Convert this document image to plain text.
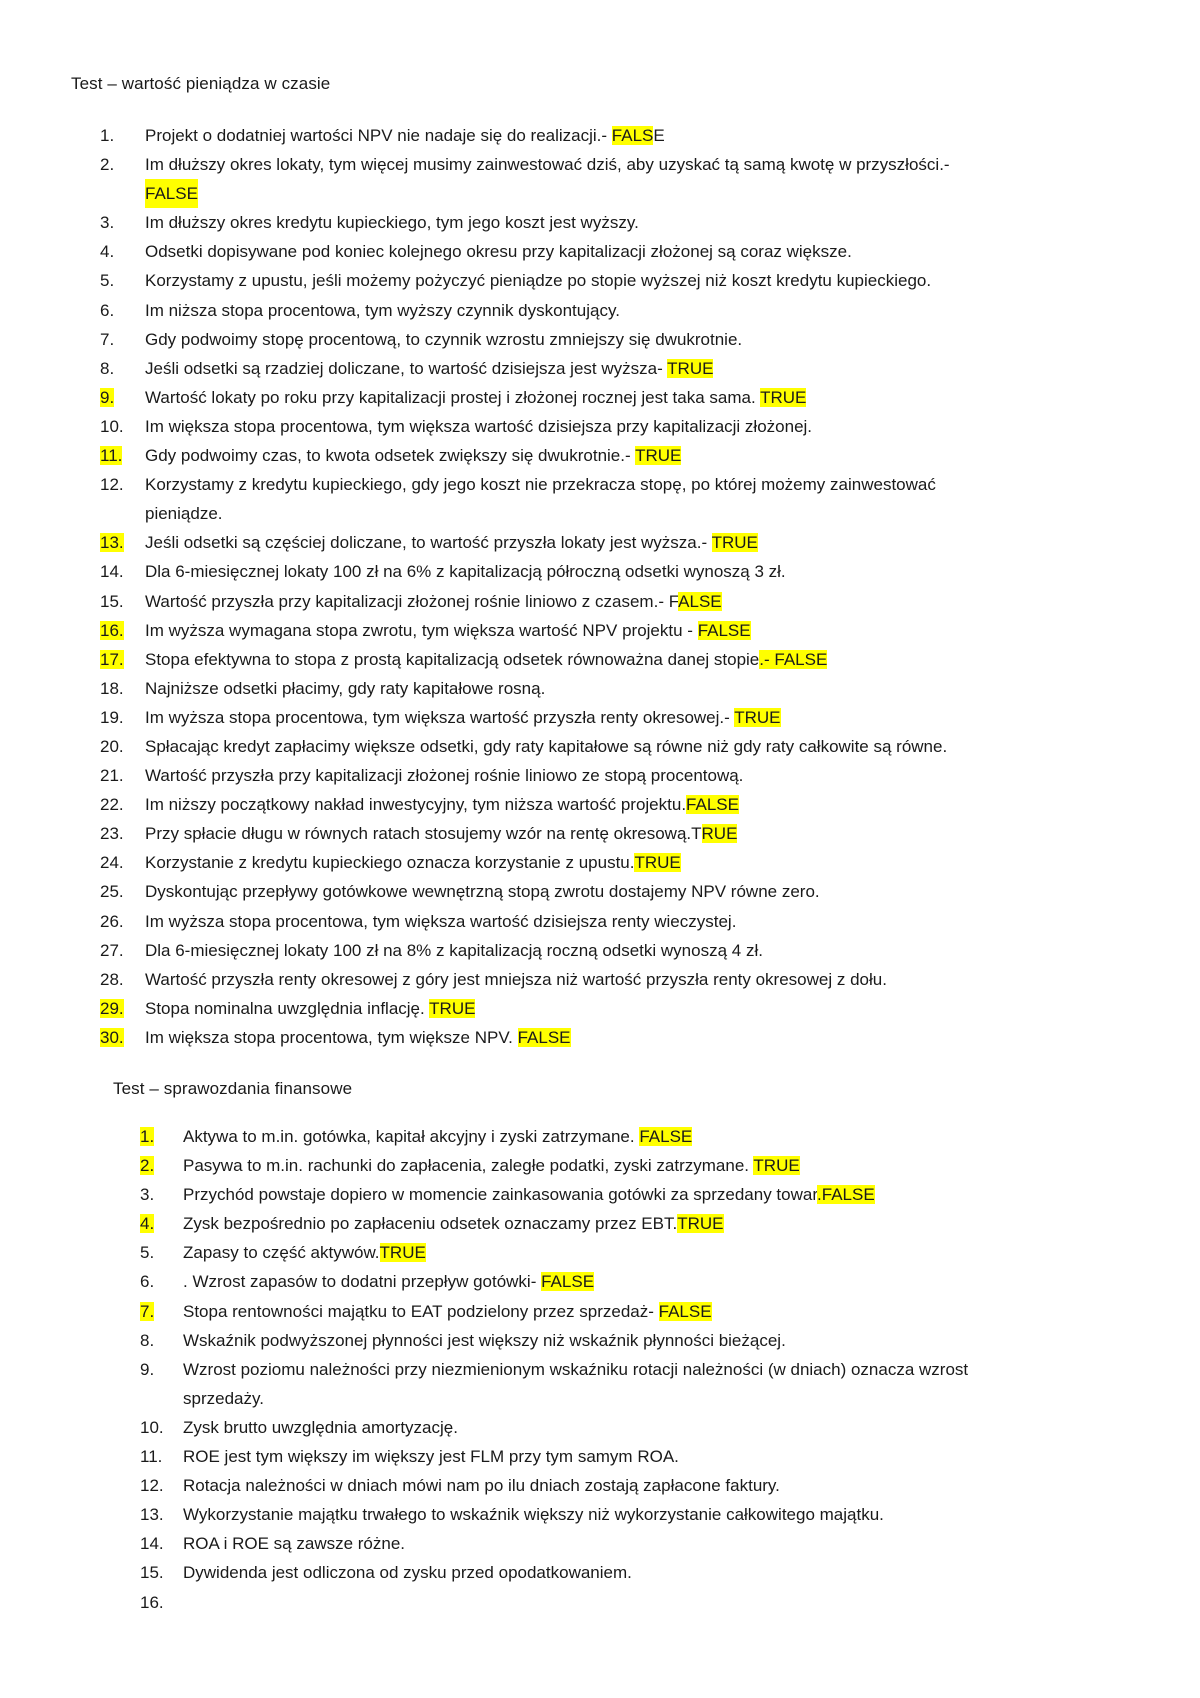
Test – wartość pieniądza w czasie
1.	Projekt o dodatniej wartości NPV nie nadaje się do realizacji.- FALSE
2.	Im dłuższy okres lokaty, tym więcej musimy zainwestować dziś, aby uzyskać tą samą kwotę w przyszłości.-
FALSE
3.	Im dłuższy okres kredytu kupieckiego, tym jego koszt jest wyższy.
4.	Odsetki dopisywane pod koniec kolejnego okresu przy kapitalizacji złożonej są coraz większe.
5.	Korzystamy z upustu, jeśli możemy pożyczyć pieniądze po stopie wyższej niż koszt kredytu kupieckiego.
6.	Im niższa stopa procentowa, tym wyższy czynnik dyskontujący.
7.	Gdy podwoimy stopę procentową, to czynnik wzrostu zmniejszy się dwukrotnie.
8.	Jeśli odsetki są rzadziej doliczane, to wartość dzisiejsza jest wyższa- TRUE
9.	Wartość lokaty po roku przy kapitalizacji prostej i złożonej rocznej jest taka sama. TRUE
10.	Im większa stopa procentowa, tym większa wartość dzisiejsza przy kapitalizacji złożonej.
11.	Gdy podwoimy czas, to kwota odsetek zwiększy się dwukrotnie.- TRUE
12.	Korzystamy z kredytu kupieckiego, gdy jego koszt nie przekracza stopę, po której możemy zainwestować
pieniądze.
13.	Jeśli odsetki są częściej doliczane, to wartość przyszła lokaty jest wyższa.- TRUE
14.	Dla 6-miesięcznej lokaty 100 zł na 6% z kapitalizacją półroczną odsetki wynoszą 3 zł.
15.	Wartość przyszła przy kapitalizacji złożonej rośnie liniowo z czasem.- FALSE
16.	Im wyższa wymagana stopa zwrotu, tym większa wartość NPV projektu - FALSE
17.	Stopa efektywna to stopa z prostą kapitalizacją odsetek równoważna danej stopie.- FALSE
18.	Najniższe odsetki płacimy, gdy raty kapitałowe rosną.
19.	Im wyższa stopa procentowa, tym większa wartość przyszła renty okresowej.- TRUE
20.	Spłacając kredyt zapłacimy większe odsetki, gdy raty kapitałowe są równe niż gdy raty całkowite są równe.
21.	Wartość przyszła przy kapitalizacji złożonej rośnie liniowo ze stopą procentową.
22.	Im niższy początkowy nakład inwestycyjny, tym niższa wartość projektu.FALSE
23.	Przy spłacie długu w równych ratach stosujemy wzór na rentę okresową.TRUE
24.	Korzystanie z kredytu kupieckiego oznacza korzystanie z upustu.TRUE
25.	Dyskontując przepływy gotówkowe wewnętrzną stopą zwrotu dostajemy NPV równe zero.
26.	Im wyższa stopa procentowa, tym większa wartość dzisiejsza renty wieczystej.
27.	Dla 6-miesięcznej lokaty 100 zł na 8% z kapitalizacją roczną odsetki wynoszą 4 zł.
28.	Wartość przyszła renty okresowej z góry jest mniejsza niż wartość przyszła renty okresowej z dołu.
29.	Stopa nominalna uwzględnia inflację. TRUE
30.	Im większa stopa procentowa, tym większe NPV. FALSE
Test – sprawozdania finansowe
1.	Aktywa to m.in. gotówka, kapitał akcyjny i zyski zatrzymane. FALSE
2.	Pasywa to m.in. rachunki do zapłacenia, zaległe podatki, zyski zatrzymane. TRUE
3.	Przychód powstaje dopiero w momencie zainkasowania gotówki za sprzedany towar.FALSE
4.	Zysk bezpośrednio po zapłaceniu odsetek oznaczamy przez EBT.TRUE
5.	Zapasy to część aktywów.TRUE
6.	. Wzrost zapasów to dodatni przepływ gotówki- FALSE
7.	Stopa rentowności majątku to EAT podzielony przez sprzedaż- FALSE
8.	Wskaźnik podwyższonej płynności jest większy niż wskaźnik płynności bieżącej.
9.	Wzrost poziomu należności przy niezmienionym wskaźniku rotacji należności (w dniach) oznacza wzrost
sprzedaży.
10.	Zysk brutto uwzględnia amortyzację.
11.	ROE jest tym większy im większy jest FLM przy tym samym ROA.
12.	Rotacja należności w dniach mówi nam po ilu dniach zostają zapłacone faktury.
13.	Wykorzystanie majątku trwałego to wskaźnik większy niż wykorzystanie całkowitego majątku.
14.	ROA i ROE są zawsze różne.
15.	Dywidenda jest odliczona od zysku przed opodatkowaniem.
16.
